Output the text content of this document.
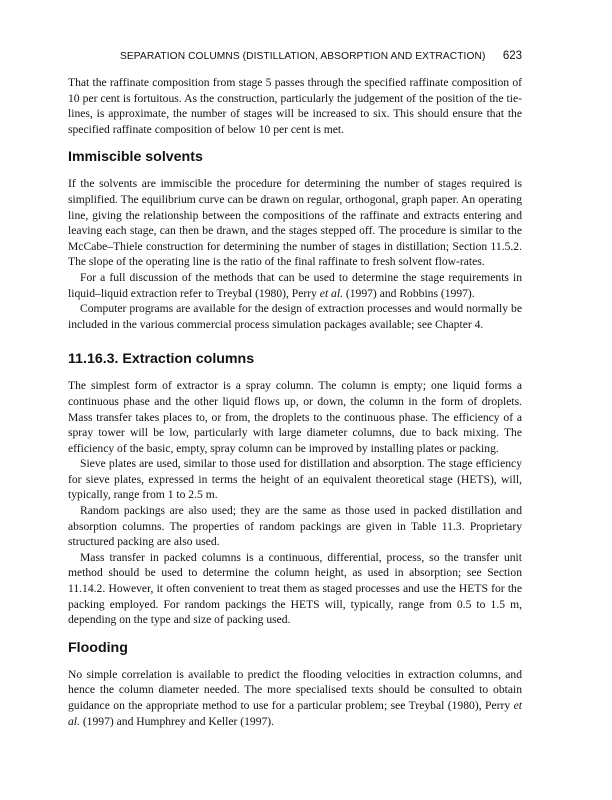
SEPARATION COLUMNS (DISTILLATION, ABSORPTION AND EXTRACTION)	623

That the raffinate composition from stage 5 passes through the specified raffinate composition of 10 per cent is fortuitous. As the construction, particularly the judgement of the position of the tie-lines, is approximate, the number of stages will be increased to six. This should ensure that the specified raffinate composition of below 10 per cent is met.

Immiscible solvents

If the solvents are immiscible the procedure for determining the number of stages required is simplified. The equilibrium curve can be drawn on regular, orthogonal, graph paper. An operating line, giving the relationship between the compositions of the raffinate and extracts entering and leaving each stage, can then be drawn, and the stages stepped off. The procedure is similar to the McCabe–Thiele construction for determining the number of stages in distillation; Section 11.5.2. The slope of the operating line is the ratio of the final raffinate to fresh solvent flow-rates.

For a full discussion of the methods that can be used to determine the stage requirements in liquid–liquid extraction refer to Treybal (1980), Perry et al. (1997) and Robbins (1997).

Computer programs are available for the design of extraction processes and would normally be included in the various commercial process simulation packages available; see Chapter 4.

11.16.3. Extraction columns

The simplest form of extractor is a spray column. The column is empty; one liquid forms a continuous phase and the other liquid flows up, or down, the column in the form of droplets. Mass transfer takes places to, or from, the droplets to the continuous phase. The efficiency of a spray tower will be low, particularly with large diameter columns, due to back mixing. The efficiency of the basic, empty, spray column can be improved by installing plates or packing.

Sieve plates are used, similar to those used for distillation and absorption. The stage efficiency for sieve plates, expressed in terms the height of an equivalent theoretical stage (HETS), will, typically, range from 1 to 2.5 m.

Random packings are also used; they are the same as those used in packed distillation and absorption columns. The properties of random packings are given in Table 11.3. Proprietary structured packing are also used.

Mass transfer in packed columns is a continuous, differential, process, so the transfer unit method should be used to determine the column height, as used in absorption; see Section 11.14.2. However, it often convenient to treat them as staged processes and use the HETS for the packing employed. For random packings the HETS will, typically, range from 0.5 to 1.5 m, depending on the type and size of packing used.

Flooding

No simple correlation is available to predict the flooding velocities in extraction columns, and hence the column diameter needed. The more specialised texts should be consulted to obtain guidance on the appropriate method to use for a particular problem; see Treybal (1980), Perry et al. (1997) and Humphrey and Keller (1997).
